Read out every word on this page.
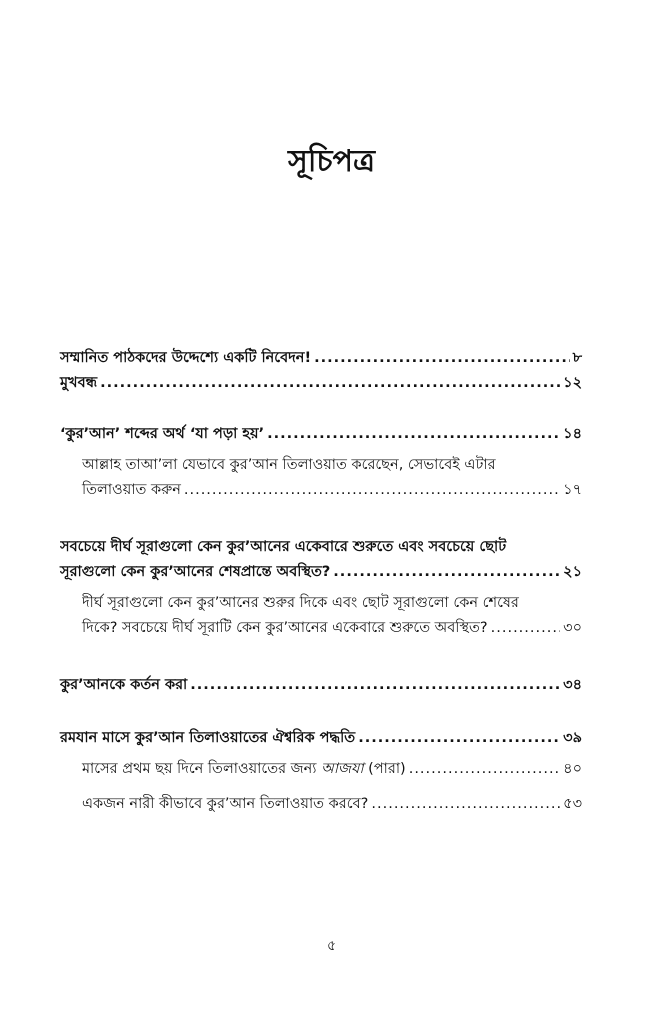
সূচিপত্র
সম্মানিত পাঠকদের উদ্দেশ্যে একটি নিবেদন! .....	৮
মুখবন্ধ .....	১২
‘কুর’আন’ শব্দের অর্থ ‘যা পড়া হয়’ .....	১৪
আল্লাহ তাআ’লা যেভাবে কুর’আন তিলাওয়াত করেছেন, সেভাবেই এটার
তিলাওয়াত করুন .....	১৭
সবচেয়ে দীর্ঘ সূরাগুলো কেন কুর’আনের একেবারে শুরুতে এবং সবচেয়ে ছোট
সূরাগুলো কেন কুর’আনের শেষপ্রান্তে অবস্থিত? .....	২১
দীর্ঘ সূরাগুলো কেন কুর’আনের শুরুর দিকে এবং ছোট সূরাগুলো কেন শেষের
দিকে? সবচেয়ে দীর্ঘ সূরাটি কেন কুর’আনের একেবারে শুরুতে অবস্থিত? .....	৩০
কুর’আনকে কর্তন করা .....	৩৪
রমযান মাসে কুর’আন তিলাওয়াতের ঐশ্বরিক পদ্ধতি .....	৩৯
মাসের প্রথম ছয় দিনে তিলাওয়াতের জন্য আজযা (পারা) .....	৪০
একজন নারী কীভাবে কুর’আন তিলাওয়াত করবে? .....	৫৩
৫
